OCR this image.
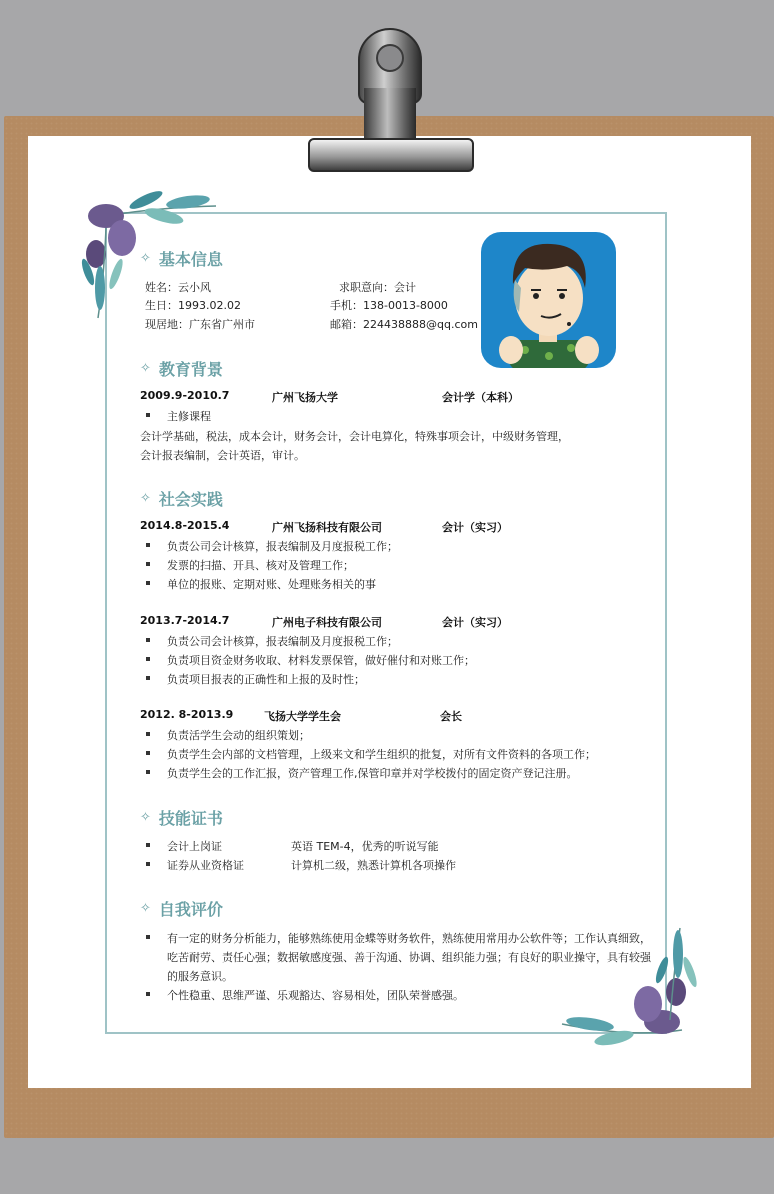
✧ 基本信息
姓名：云小风	求职意向：会计
生日：1993.02.02	手机：138-0013-8000
现居地：广东省广州市	邮箱：224438888@qq.com
✧ 教育背景
2009.9-2010.7	广州飞扬大学	会计学（本科）
主修课程
会计学基础，税法，成本会计，财务会计，会计电算化，特殊事项会计，中级财务管理，
会计报表编制，会计英语，审计。
✧ 社会实践
2014.8-2015.4	广州飞扬科技有限公司	会计（实习）
负责公司会计核算，报表编制及月度报税工作；
发票的扫描、开具、核对及管理工作；
单位的报账、定期对账、处理账务相关的事
2013.7-2014.7	广州电子科技有限公司	会计（实习）
负责公司会计核算，报表编制及月度报税工作；
负责项目资金财务收取、材料发票保管，做好催付和对账工作；
负责项目报表的正确性和上报的及时性；
2012. 8-2013.9	飞扬大学学生会	会长
负责活学生会动的组织策划；
负责学生会内部的文档管理，上级来文和学生组织的批复，对所有文件资料的各项工作；
负责学生会的工作汇报，资产管理工作,保管印章并对学校拨付的固定资产登记注册。
✧ 技能证书
会计上岗证	英语 TEM-4，优秀的听说写能
证券从业资格证	计算机二级，熟悉计算机各项操作
✧ 自我评价
有一定的财务分析能力，能够熟练使用金蝶等财务软件，熟练使用常用办公软件等；工作认真细致，
吃苦耐劳、责任心强；数据敏感度强、善于沟通、协调、组织能力强；有良好的职业操守，具有较强
的服务意识。
个性稳重、思维严谨、乐观豁达、容易相处，团队荣誉感强。
